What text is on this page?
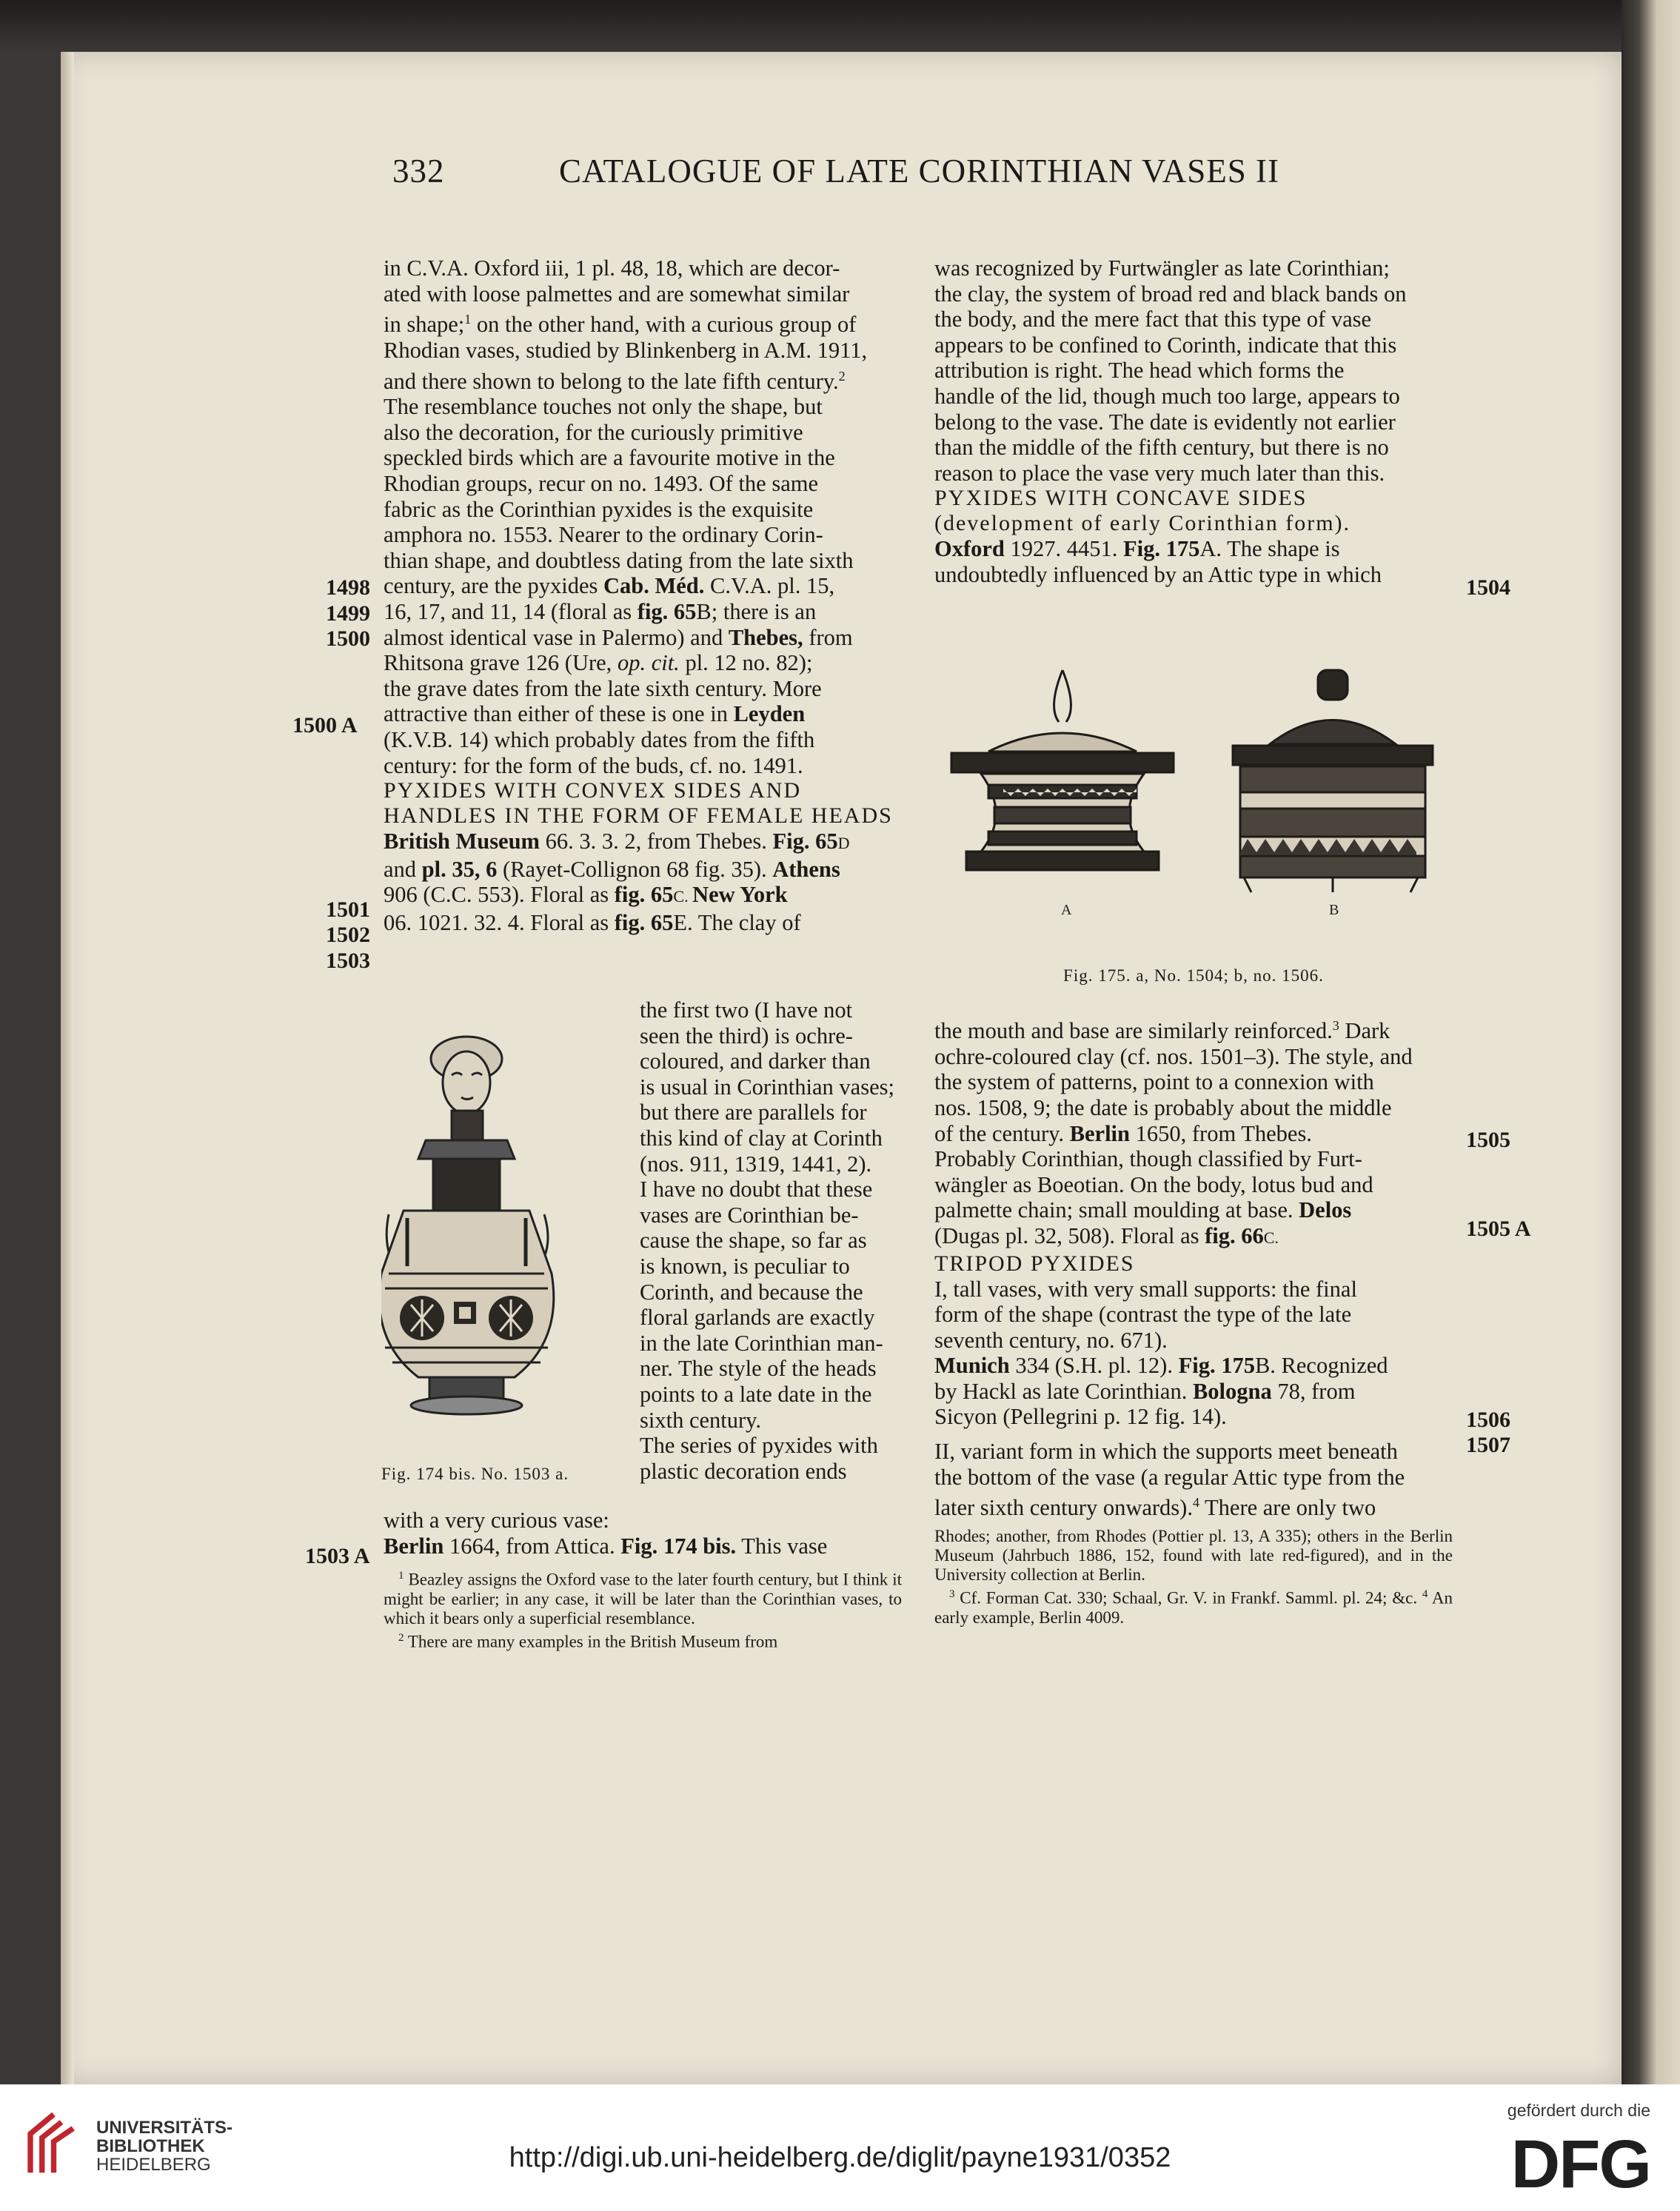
332	CATALOGUE OF LATE CORINTHIAN VASES II

in C.V.A. Oxford iii, 1 pl. 48, 18, which are decor-

ated with loose palmettes and are somewhat similar

in shape;$^1$ on the other hand, with a curious group of

Rhodian vases, studied by Blinkenberg in A.M. 1911,

and there shown to belong to the late fifth century.$^2$

The resemblance touches not only the shape, but

also the decoration, for the curiously primitive

speckled birds which are a favourite motive in the

Rhodian groups, recur on no. 1493. Of the same

fabric as the Corinthian pyxides is the exquisite

amphora no. 1553. Nearer to the ordinary Corin-

thian shape, and doubtless dating from the late sixth

century, are the pyxides Cab. Méd. C.V.A. pl. 15,

16, 17, and 11, 14 (floral as fig. 65B; there is an

almost identical vase in Palermo) and Thebes, from

Rhitsona grave 126 (Ure, op. cit. pl. 12 no. 82);

the grave dates from the late sixth century. More

attractive than either of these is one in Leyden

(K.V.B. 14) which probably dates from the fifth

century: for the form of the buds, cf. no. 1491.

PYXIDES WITH CONVEX SIDES AND HANDLES IN THE FORM OF FEMALE HEADS

British Museum 66. 3. 3. 2, from Thebes. Fig. 65D

and pl. 35, 6 (Rayet-Collignon 68 fig. 35). Athens

906 (C.C. 553). Floral as fig. 65C. New York

06. 1021. 32. 4. Floral as fig. 65E. The clay of

the first two (I have not

seen the third) is ochre-

coloured, and darker than

is usual in Corinthian vases;

but there are parallels for

this kind of clay at Corinth

(nos. 911, 1319, 1441, 2).

I have no doubt that these

vases are Corinthian be-

cause the shape, so far as

is known, is peculiar to

Corinth, and because the

floral garlands are exactly

in the late Corinthian man-

ner. The style of the heads

points to a late date in the

sixth century.

The series of pyxides with

plastic decoration ends

Fig. 174 bis. No. 1503 a.

with a very curious vase:

Berlin 1664, from Attica. Fig. 174 bis. This vase

$^1$ Beazley assigns the Oxford vase to the later fourth century, but I think it might be earlier; in any case, it will be later than the Corinthian vases, to which it bears only a superficial resemblance.

$^2$ There are many examples in the British Museum from

was recognized by Furtwängler as late Corinthian;

the clay, the system of broad red and black bands on

the body, and the mere fact that this type of vase

appears to be confined to Corinth, indicate that this

attribution is right. The head which forms the

handle of the lid, though much too large, appears to

belong to the vase. The date is evidently not earlier

than the middle of the fifth century, but there is no

reason to place the vase very much later than this.

PYXIDES WITH CONCAVE SIDES (development of early Corinthian form).

Oxford 1927. 4451. Fig. 175A. The shape is

undoubtedly influenced by an Attic type in which

A	B
Fig. 175. a, No. 1504; b, no. 1506.

the mouth and base are similarly reinforced.$^3$ Dark

ochre-coloured clay (cf. nos. 1501–3). The style, and

the system of patterns, point to a connexion with

nos. 1508, 9; the date is probably about the middle

of the century. Berlin 1650, from Thebes.

Probably Corinthian, though classified by Furt-

wängler as Boeotian. On the body, lotus bud and

palmette chain; small moulding at base. Delos

(Dugas pl. 32, 508). Floral as fig. 66C.

TRIPOD PYXIDES

I, tall vases, with very small supports: the final

form of the shape (contrast the type of the late

seventh century, no. 671).

Munich 334 (S.H. pl. 12). Fig. 175B. Recognized

by Hackl as late Corinthian. Bologna 78, from

Sicyon (Pellegrini p. 12 fig. 14).

II, variant form in which the supports meet beneath

the bottom of the vase (a regular Attic type from the

later sixth century onwards).$^4$ There are only two

Rhodes; another, from Rhodes (Pottier pl. 13, A 335); others in the Berlin Museum (Jahrbuch 1886, 152, found with late red-figured), and in the University collection at Berlin.

$^3$ Cf. Forman Cat. 330; Schaal, Gr. V. in Frankf. Samml. pl. 24; &c. $^4$ An early example, Berlin 4009.

1498
1499
1500
1500 A
1501
1502
1503
1503 A
1504
1505
1505 A
1506
1507
UNIVERSITÄTS-
BIBLIOTHEK
HEIDELBERG	http://digi.ub.uni-heidelberg.de/diglit/payne1931/0352
gefördert durch die
DFG
